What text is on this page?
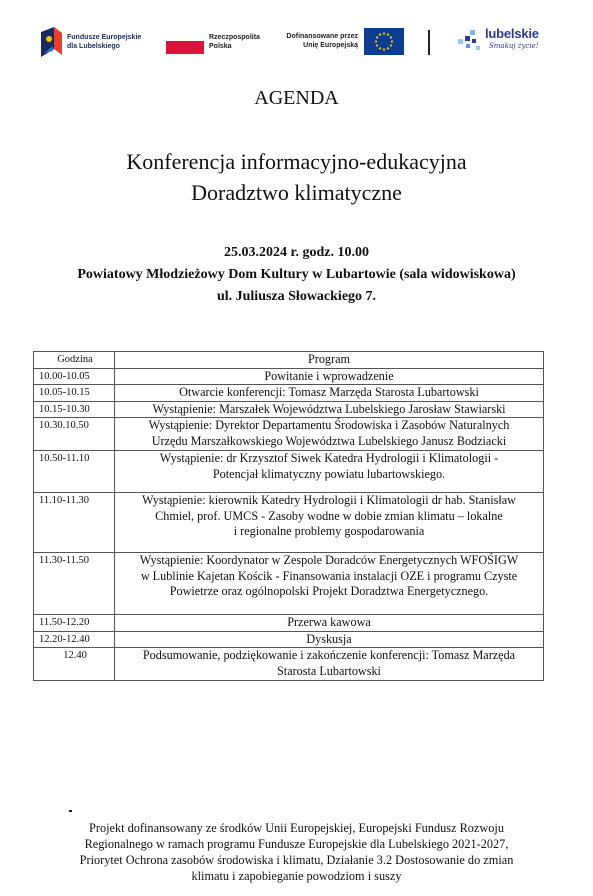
Fundusze Europejskie
dla Lubelskiego
Rzeczpospolita
Polska
Dofinansowane przez
Unię Europejską
lubelskie
Smakuj życie!
AGENDA
Konferencja informacyjno-edukacyjna
Doradztwo klimatyczne
25.03.2024 r. godz. 10.00
Powiatowy Młodzieżowy Dom Kultury w Lubartowie (sala widowiskowa)
ul. Juliusza Słowackiego 7.
Godzina	Program
10.00-10.05	Powitanie i wprowadzenie

10.05-10.15	Otwarcie konferencji: Tomasz Marzęda Starosta Lubartowski

10.15-10.30	Wystąpienie: Marszałek Województwa Lubelskiego Jarosław Stawiarski

10.30.10.50	Wystąpienie: Dyrektor Departamentu Środowiska i Zasobów Naturalnych
Urzędu Marszałkowskiego Województwa Lubelskiego Janusz Bodziacki

10.50-11.10	Wystąpienie: dr Krzysztof Siwek Katedra Hydrologii i Klimatologii -
Potencjał klimatyczny powiatu lubartowskiego.

11.10-11.30	Wystąpienie: kierownik Katedry Hydrologii i Klimatologii dr hab. Stanisław
Chmiel, prof. UMCS - Zasoby wodne w dobie zmian klimatu – lokalne
i regionalne problemy gospodarowania

11.30-11.50	Wystąpienie: Koordynator w Zespole Doradców Energetycznych WFOŚIGW
w Lublinie Kajetan Kościk - Finansowania instalacji OZE i programu Czyste
Powietrze oraz ogólnopolski Projekt Doradztwa Energetycznego.

11.50-12.20	Przerwa kawowa

12.20-12.40	Dyskusja

12.40	Podsumowanie, podziękowanie i zakończenie konferencji: Tomasz Marzęda
Starosta Lubartowski
Projekt dofinansowany ze środków Unii Europejskiej, Europejski Fundusz Rozwoju
Regionalnego w ramach programu Fundusze Europejskie dla Lubelskiego 2021-2027,
Priorytet Ochrona zasobów środowiska i klimatu, Działanie 3.2 Dostosowanie do zmian
klimatu i zapobieganie powodziom i suszy
